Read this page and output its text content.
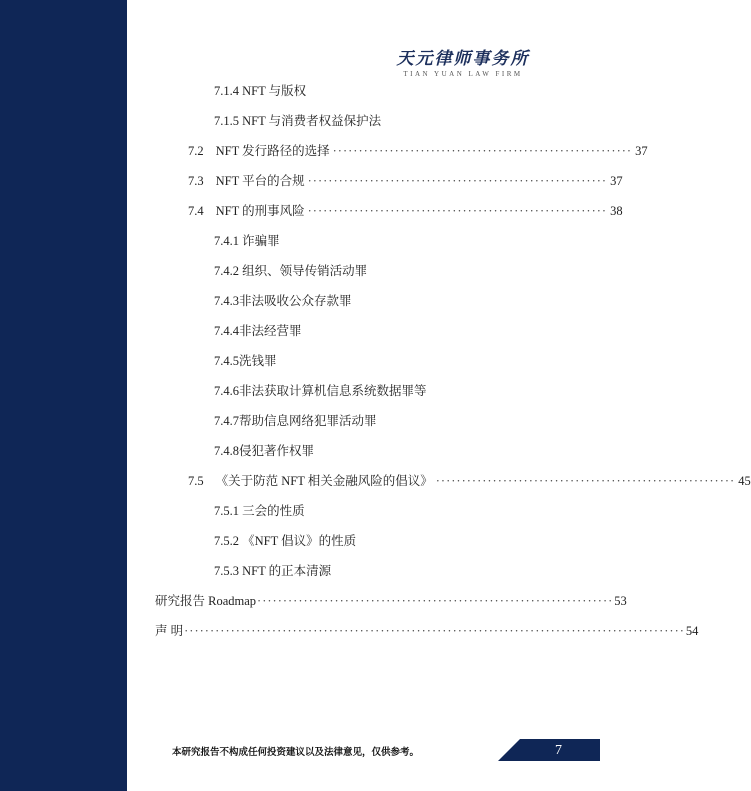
天元律师事务所
TIAN YUAN LAW FIRM
7.1.4 NFT 与版权
7.1.5 NFT 与消费者权益保护法
7.2 NFT 发行路径的选择 ·························································· 37
7.3 NFT 平台的合规 ·························································· 37
7.4 NFT 的刑事风险 ·························································· 38
7.4.1 诈骗罪
7.4.2 组织、领导传销活动罪
7.4.3非法吸收公众存款罪
7.4.4非法经营罪
7.4.5洗钱罪
7.4.6非法获取计算机信息系统数据罪等
7.4.7帮助信息网络犯罪活动罪
7.4.8侵犯著作权罪
7.5 《关于防范 NFT 相关金融风险的倡议》 ·························································· 45
7.5.1 三会的性质
7.5.2 《NFT 倡议》的性质
7.5.3 NFT 的正本清源
研究报告 Roadmap ····································································· 53
声 明 ································································································· 54
本研究报告不构成任何投资建议以及法律意见，仅供参考。	7
